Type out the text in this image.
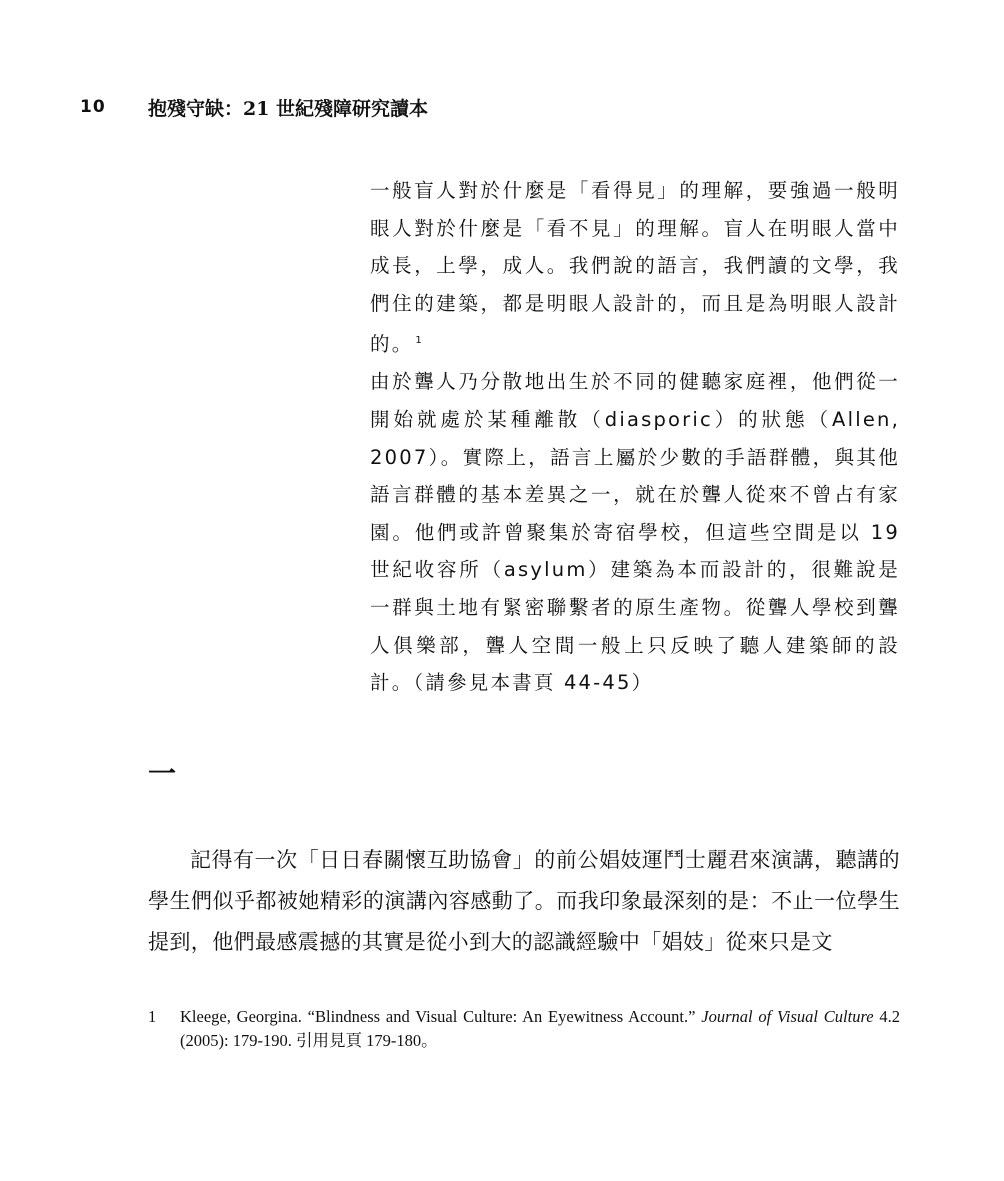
10 抱殘守缺：21 世紀殘障研究讀本

一般盲人對於什麼是「看得見」的理解，要強過一般明眼人對於什麼是「看不見」的理解。盲人在明眼人當中成長，上學，成人。我們說的語言，我們讀的文學，我們住的建築，都是明眼人設計的，而且是為明眼人設計的。 $^1$

由於聾人乃分散地出生於不同的健聽家庭裡，他們從一開始就處於某種離散（diasporic）的狀態（Allen, 2007）。實際上，語言上屬於少數的手語群體，與其他語言群體的基本差異之一，就在於聾人從來不曾占有家園。他們或許曾聚集於寄宿學校，但這些空間是以 19 世紀收容所（asylum）建築為本而設計的，很難說是一群與土地有緊密聯繫者的原生產物。從聾人學校到聾人俱樂部，聾人空間一般上只反映了聽人建築師的設計。（請參見本書頁 44-45）

一

記得有一次「日日春關懷互助協會」的前公娼妓運鬥士麗君來演講，聽講的學生們似乎都被她精彩的演講內容感動了。而我印象最深刻的是：不止一位學生提到，他們最感震撼的其實是從小到大的認識經驗中「娼妓」從來只是文

1 Kleege, Georgina. “Blindness and Visual Culture: An Eyewitness Account.” Journal of Visual Culture 4.2 (2005): 179-190. 引用見頁 179-180。
